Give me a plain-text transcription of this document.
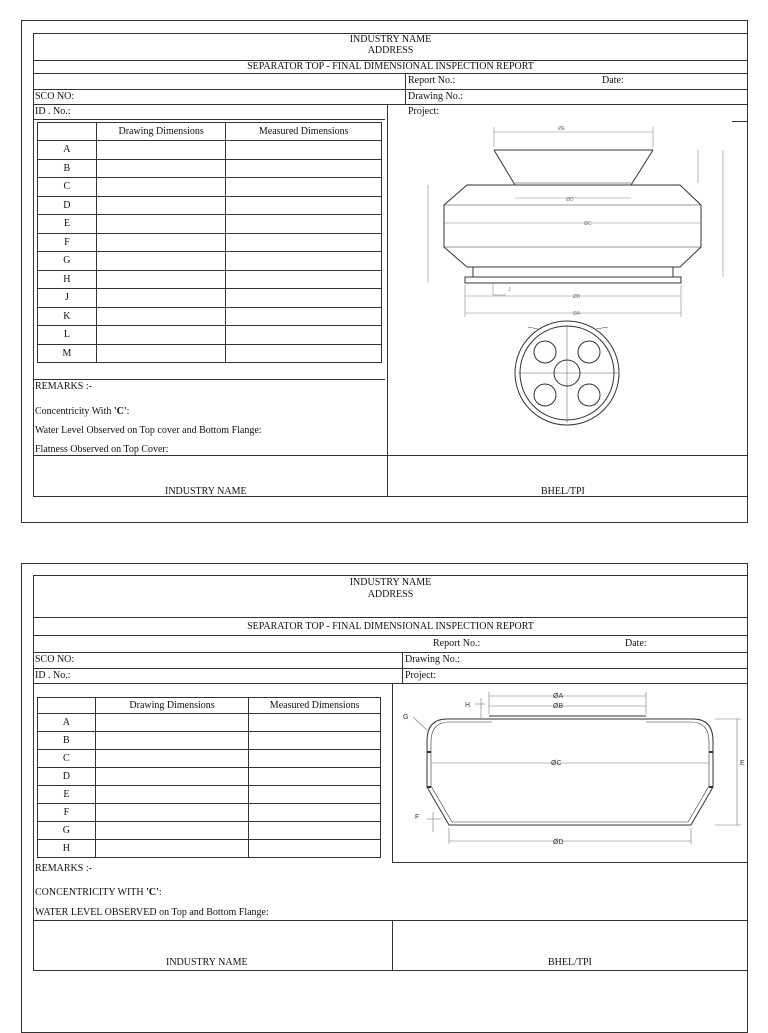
INDUSTRY NAME
ADDRESS
SEPARATOR TOP - FINAL DIMENSIONAL INSPECTION REPORT
Report No.:	Date:
SCO NO:	Drawing No.:
ID . No.:	Project:
	Drawing Dimensions	Measured Dimensions
A		
B		
C		
D		
E		
F		
G		
H		
J		
K		
L		
M		
REMARKS :-
Concentricity With 'C':
Water Level Observed on Top cover and Bottom Flange:
Flatness Observed on Top Cover:
INDUSTRY NAME	BHEL/TPI
ØE
ØD
ØC
ØB
ØA
J
INDUSTRY NAME
ADDRESS
SEPARATOR TOP - FINAL DIMENSIONAL INSPECTION REPORT
Report No.:	Date:
SCO NO:	Drawing No.:
ID . No.:	Project:
	Drawing Dimensions	Measured Dimensions
A		
B		
C		
D		
E		
F		
G		
H		
REMARKS :-
CONCENTRICITY WITH 'C':
WATER LEVEL OBSERVED on Top and Bottom Flange:
INDUSTRY NAME	BHEL/TPI
H
ØA
ØB
G
ØC	E
F
ØD
